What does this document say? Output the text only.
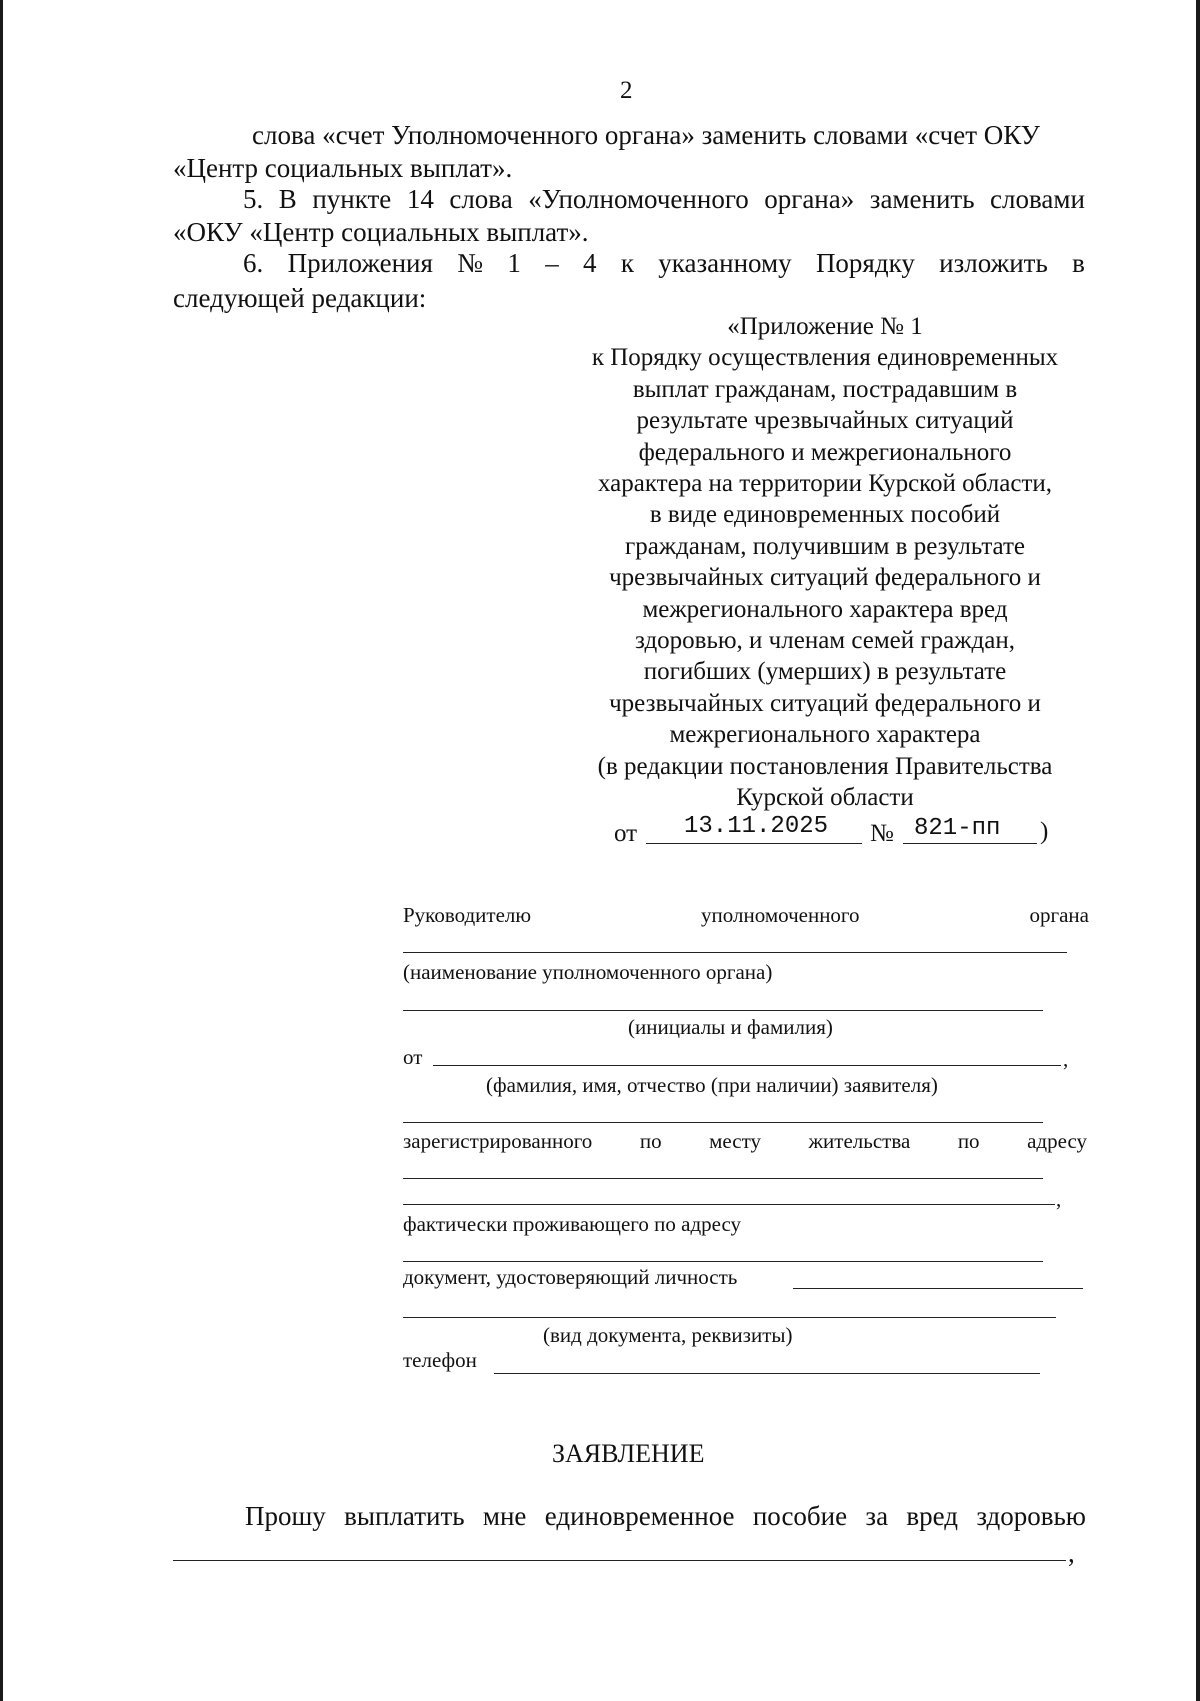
2
слова «счет Уполномоченного органа» заменить словами «счет ОКУ
«Центр социальных выплат».
5. В пункте 14 слова «Уполномоченного органа» заменить словами
«ОКУ «Центр социальных выплат».
6. Приложения № 1 – 4 к указанному Порядку изложить в
следующей редакции:
«Приложение № 1
к Порядку осуществления единовременных
выплат гражданам, пострадавшим в
результате чрезвычайных ситуаций
федерального и межрегионального
характера на территории Курской области,
в виде единовременных пособий
гражданам, получившим в результате
чрезвычайных ситуаций федерального и
межрегионального характера вред
здоровью, и членам семей граждан,
погибших (умерших) в результате
чрезвычайных ситуаций федерального и
межрегионального характера
(в редакции постановления Правительства
Курской области
от 13.11.2025 № 821-пп )
Руководителю	уполномоченного	органа
(наименование уполномоченного органа)
(инициалы и фамилия)
от	,
(фамилия, имя, отчество (при наличии) заявителя)
зарегистрированного по месту жительства по адресу
,
фактически проживающего по адресу
документ, удостоверяющий личность
(вид документа, реквизиты)
телефон
ЗАЯВЛЕНИЕ
Прошу выплатить мне единовременное пособие за вред здоровью
,
